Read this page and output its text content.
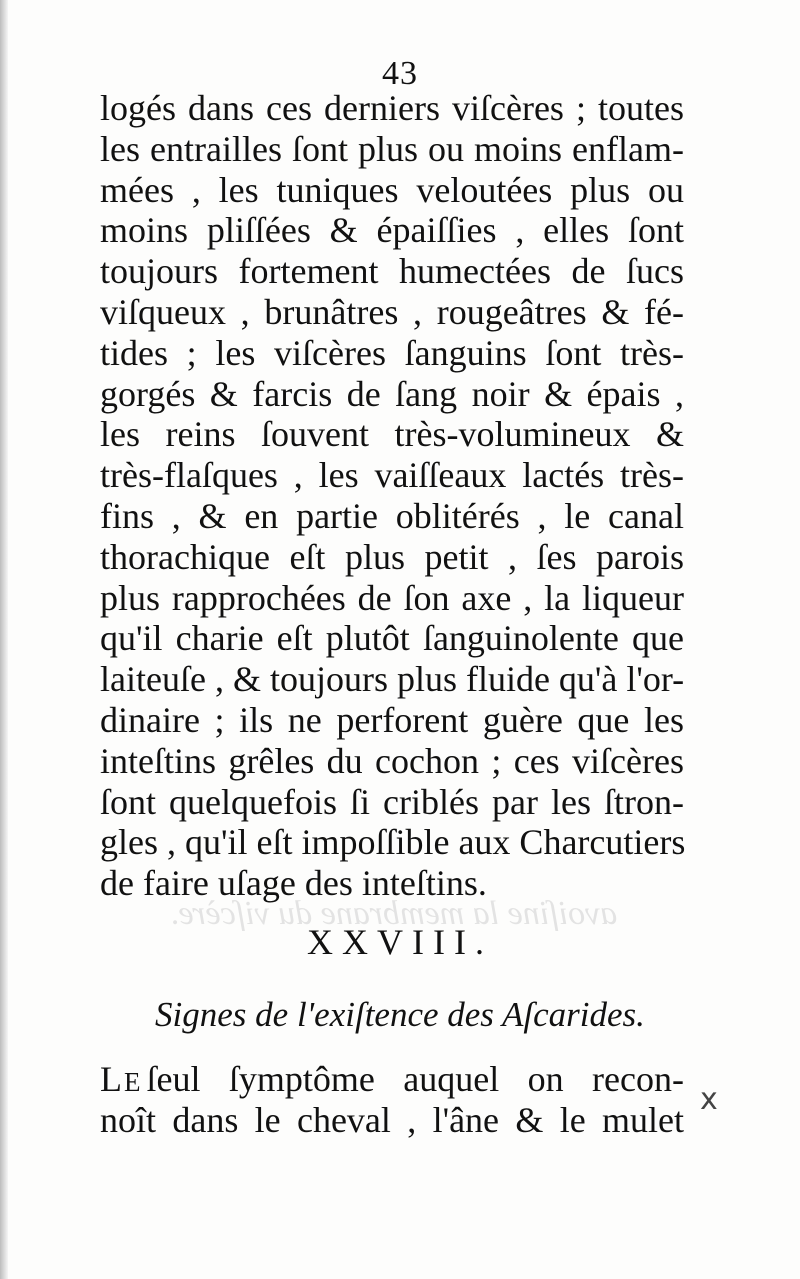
avoiſine la membrane du viſcère.
43

logés dans ces derniers viſcères ; toutes
les entrailles ſont plus ou moins enflam-
mées , les tuniques veloutées plus ou
moins pliſſées & épaiſſies , elles ſont
toujours fortement humectées de ſucs
viſqueux , brunâtres , rougeâtres & fé-
tides ; les viſcères ſanguins ſont très-
gorgés & farcis de ſang noir & épais ,
les reins ſouvent très-volumineux &
très-flaſques , les vaiſſeaux lactés très-
fins , & en partie oblitérés , le canal
thorachique eſt plus petit , ſes parois
plus rapprochées de ſon axe , la liqueur
qu'il charie eſt plutôt ſanguinolente que
laiteuſe , & toujours plus fluide qu'à l'or-
dinaire ; ils ne perforent guère que les
inteſtins grêles du cochon ; ces viſcères
ſont quelquefois ſi criblés par les ſtron-
gles , qu'il eſt impoſſible aux Charcutiers
de faire uſage des inteſtins.

XXVIII.
Signes de l'exiſtence des Aſcarides.
LE ſeul ſymptôme auquel on recon-
noît dans le cheval , l'âne & le mulet
x
